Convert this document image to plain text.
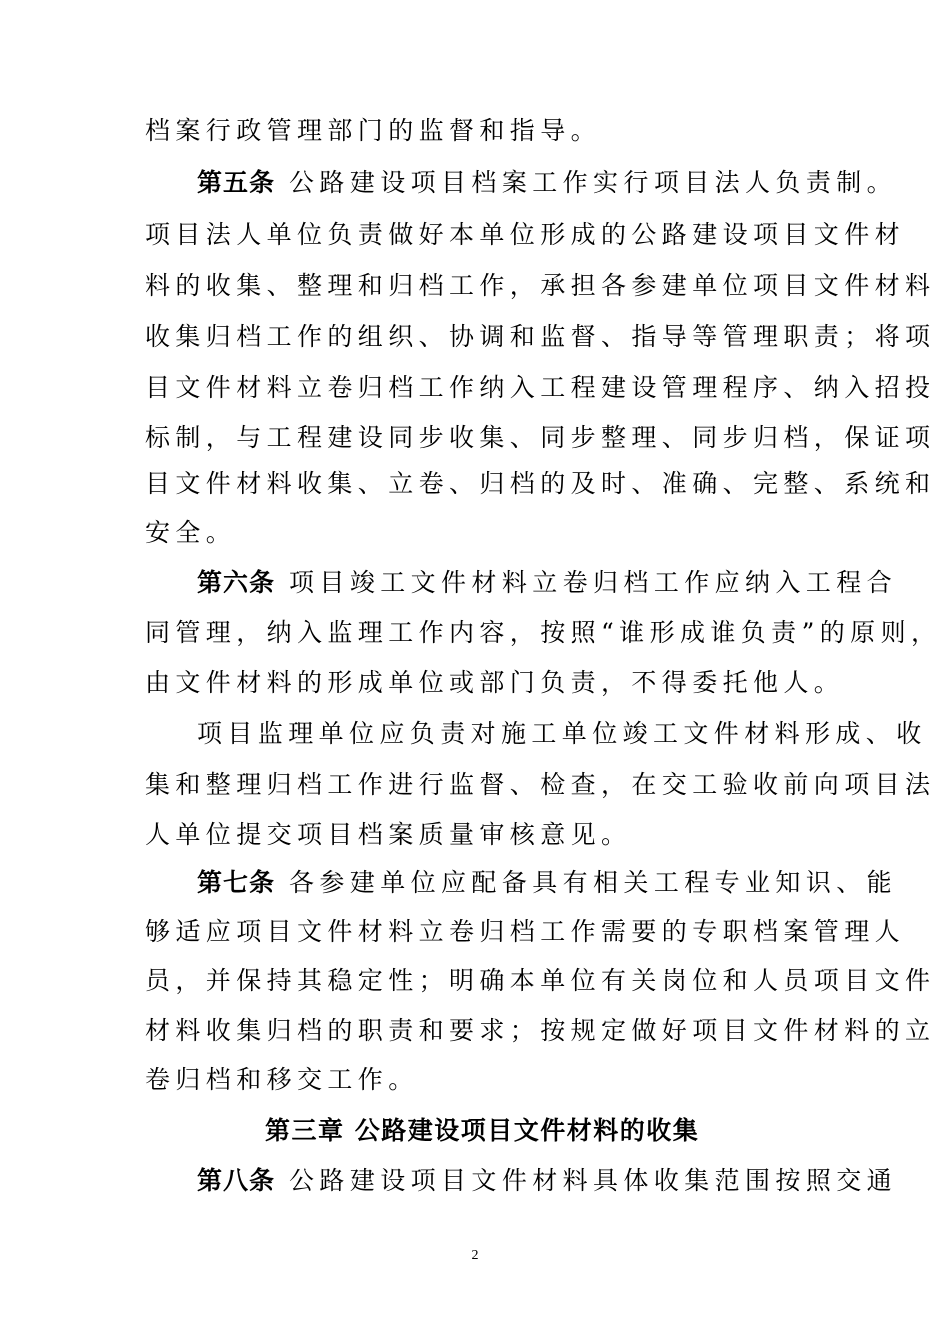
档案行政管理部门的监督和指导。
第五条 公路建设项目档案工作实行项目法人负责制。
项目法人单位负责做好本单位形成的公路建设项目文件材
料的收集、整理和归档工作，承担各参建单位项目文件材料
收集归档工作的组织、协调和监督、指导等管理职责；将项
目文件材料立卷归档工作纳入工程建设管理程序、纳入招投
标制，与工程建设同步收集、同步整理、同步归档，保证项
目文件材料收集、立卷、归档的及时、准确、完整、系统和
安全。
第六条 项目竣工文件材料立卷归档工作应纳入工程合
同管理，纳入监理工作内容，按照“谁形成谁负责”的原则，
由文件材料的形成单位或部门负责，不得委托他人。
项目监理单位应负责对施工单位竣工文件材料形成、收
集和整理归档工作进行监督、检查，在交工验收前向项目法
人单位提交项目档案质量审核意见。
第七条 各参建单位应配备具有相关工程专业知识、能
够适应项目文件材料立卷归档工作需要的专职档案管理人
员，并保持其稳定性；明确本单位有关岗位和人员项目文件
材料收集归档的职责和要求；按规定做好项目文件材料的立
卷归档和移交工作。
第三章 公路建设项目文件材料的收集
第八条 公路建设项目文件材料具体收集范围按照交通
2
